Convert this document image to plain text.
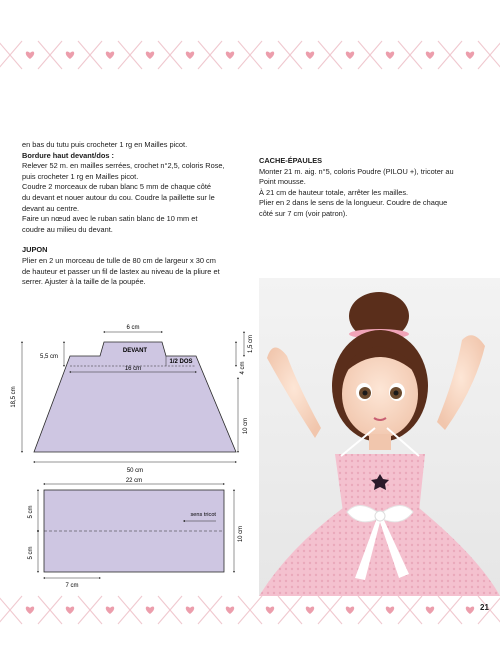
en bas du tutu puis crocheter 1 rg en Mailles picot.

Bordure haut devant/dos :

Relever 52 m. en mailles serrées, crochet n°2,5, coloris Rose,

puis crocheter 1 rg en Mailles picot.

Coudre 2 morceaux de ruban blanc 5 mm de chaque côté

du devant et nouer autour du cou. Coudre la paillette sur le

devant au centre.

Faire un nœud avec le ruban satin blanc de 10 mm et

coudre au milieu du devant.

JUPON

Plier en 2 un morceau de tulle de 80 cm de largeur x 30 cm

de hauteur et passer un fil de lastex au niveau de la pliure et

serrer. Ajuster à la taille de la poupée.

CACHE-ÉPAULES

Monter 21 m. aig. n°5, coloris Poudre (PILOU +), tricoter au

Point mousse.

À 21 cm de hauteur totale, arrêter les mailles.

Plier en 2 dans le sens de la longueur. Coudre de chaque

côté sur 7 cm (voir patron).

6 cm
DEVANT
1/2 DOS
16 cm
5,5 cm
18,5 cm
1,5 cm
4 cm
10 cm
50 cm
22 cm
sens tricot
10 cm
5 cm
5 cm
7 cm
21
